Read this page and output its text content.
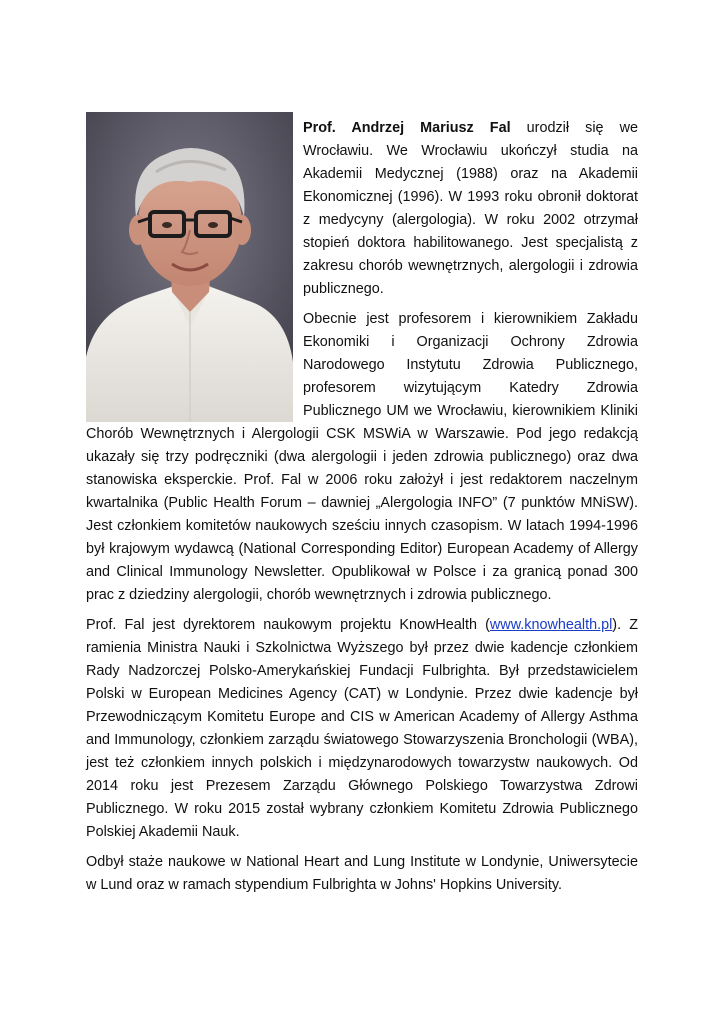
Prof. Andrzej Mariusz Fal urodził się we Wrocławiu. We Wrocławiu ukończył studia na Akademii Medycznej (1988) oraz na Akademii Ekonomicznej (1996). W 1993 roku obronił doktorat z medycyny (alergologia). W roku 2002 otrzymał stopień doktora habilitowanego. Jest specjalistą z zakresu chorób wewnętrznych, alergologii i zdrowia publicznego.

Obecnie jest profesorem i kierownikiem Zakładu Ekonomiki i Organizacji Ochrony Zdrowia Narodowego Instytutu Zdrowia Publicznego, profesorem wizytującym Katedry Zdrowia Publicznego UM we Wrocławiu, kierownikiem Kliniki Chorób Wewnętrznych i Alergologii CSK MSWiA w Warszawie. Pod jego redakcją ukazały się trzy podręczniki (dwa alergologii i jeden zdrowia publicznego) oraz dwa stanowiska eksperckie. Prof. Fal w 2006 roku założył i jest redaktorem naczelnym kwartalnika (Public Health Forum – dawniej „Alergologia INFO” (7 punktów MNiSW). Jest członkiem komitetów naukowych sześciu innych czasopism. W latach 1994-1996 był krajowym wydawcą (National Corresponding Editor) European Academy of Allergy and Clinical Immunology Newsletter. Opublikował w Polsce i za granicą ponad 300 prac z dziedziny alergologii, chorób wewnętrznych i zdrowia publicznego.

Prof. Fal jest dyrektorem naukowym projektu KnowHealth (www.knowhealth.pl). Z ramienia Ministra Nauki i Szkolnictwa Wyższego był przez dwie kadencje członkiem Rady Nadzorczej Polsko-Amerykańskiej Fundacji Fulbrighta. Był przedstawicielem Polski w European Medicines Agency (CAT) w Londynie. Przez dwie kadencje był Przewodniczącym Komitetu Europe and CIS w American Academy of Allergy Asthma and Immunology, członkiem zarządu światowego Stowarzyszenia Bronchologii (WBA), jest też członkiem innych polskich i międzynarodowych towarzystw naukowych. Od 2014 roku jest Prezesem Zarządu Głównego Polskiego Towarzystwa Zdrowi Publicznego. W roku 2015 został wybrany członkiem Komitetu Zdrowia Publicznego Polskiej Akademii Nauk.

Odbył staże naukowe w National Heart and Lung Institute w Londynie, Uniwersytecie w Lund oraz w ramach stypendium Fulbrighta w Johns' Hopkins University.
